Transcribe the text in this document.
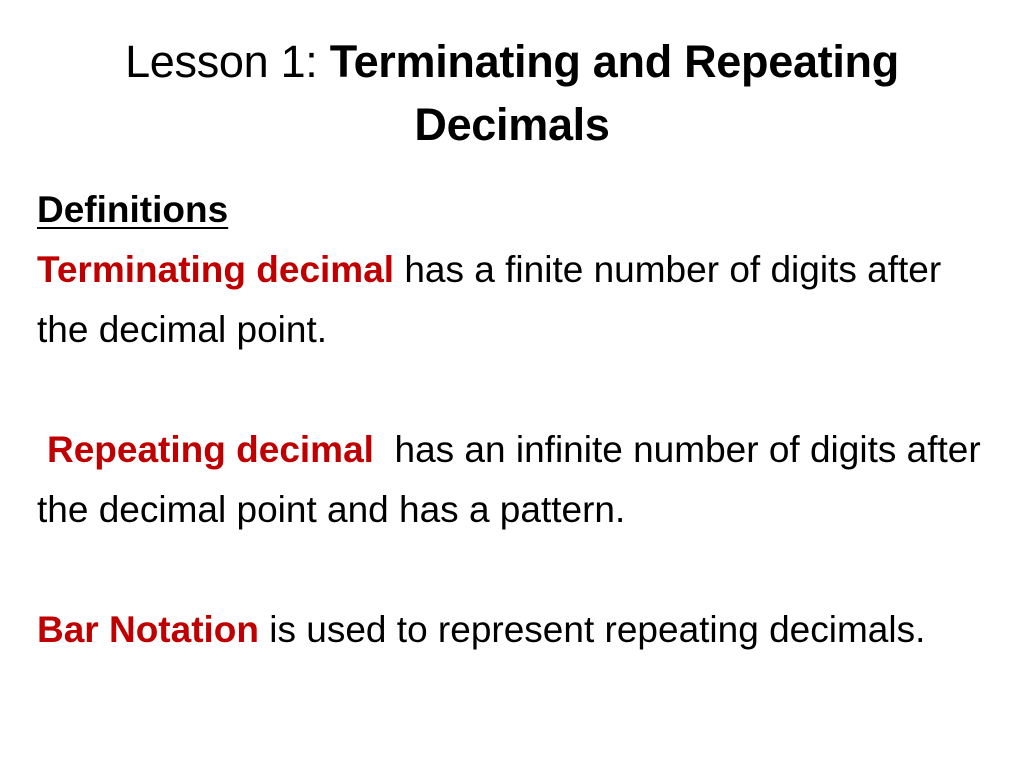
Lesson 1: Terminating and Repeating Decimals

Definitions

Terminating decimal has a finite number of digits after the decimal point.

Repeating decimal  has an infinite number of digits after the decimal point and has a pattern.

Bar Notation is used to represent repeating decimals.
